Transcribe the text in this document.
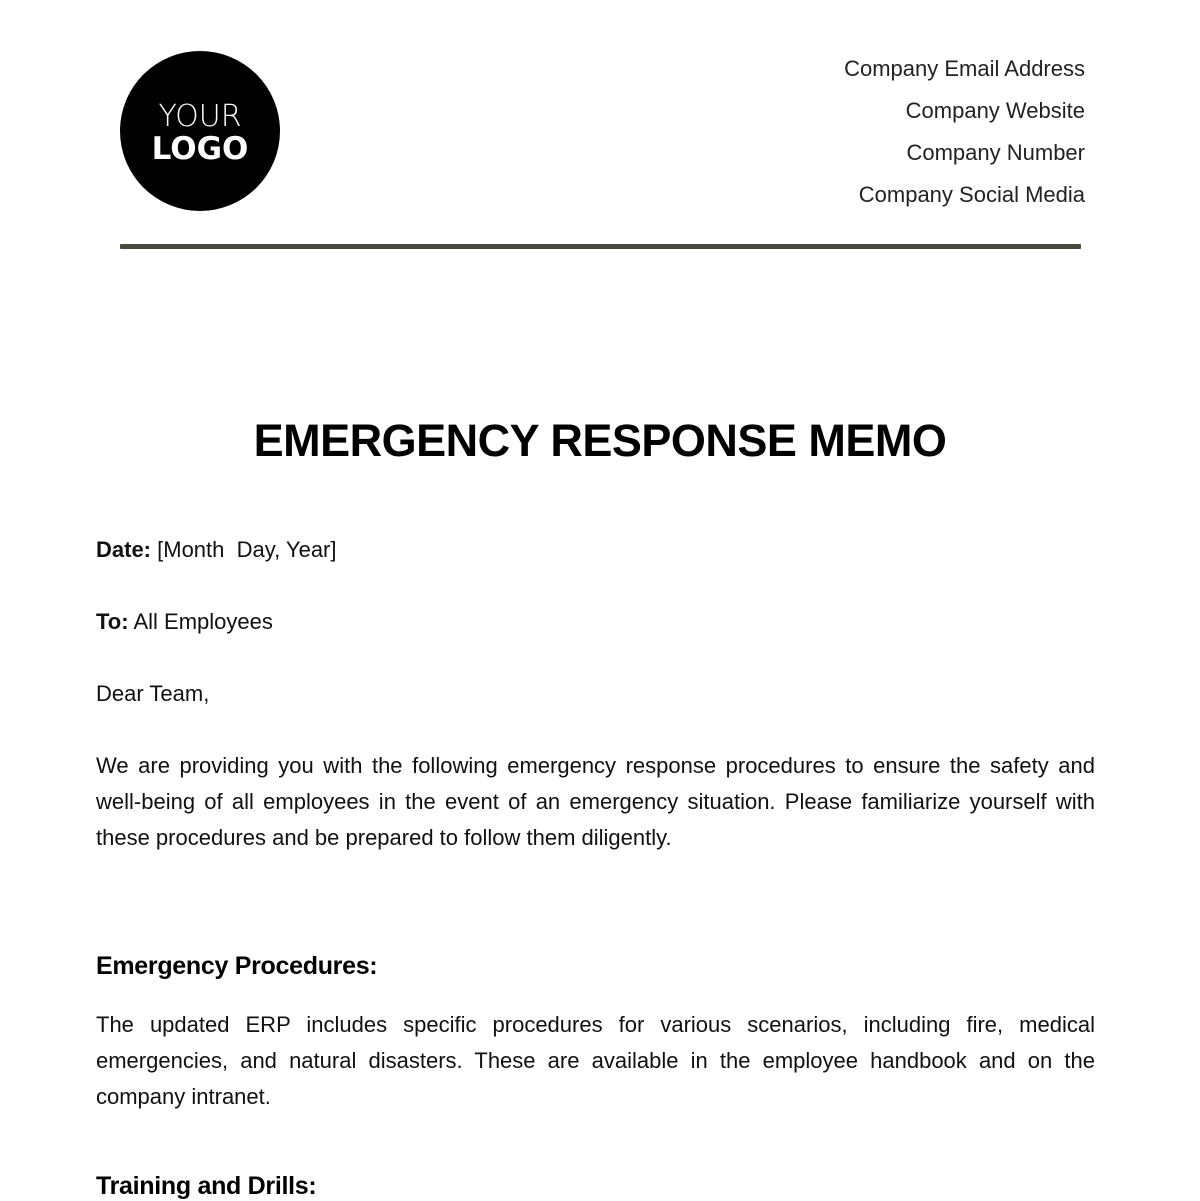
YOUR
LOGO
Company Email Address
Company Website
Company Number
Company Social Media
EMERGENCY RESPONSE MEMO
Date: [Month  Day, Year]
To: All Employees
Dear Team,
We are providing you with the following emergency response procedures to ensure the safety and well-being of all employees in the event of an emergency situation. Please familiarize yourself with these procedures and be prepared to follow them diligently.
Emergency Procedures:
The updated ERP includes specific procedures for various scenarios, including fire, medical emergencies, and natural disasters. These are available in the employee handbook and on the company intranet.
Training and Drills:
